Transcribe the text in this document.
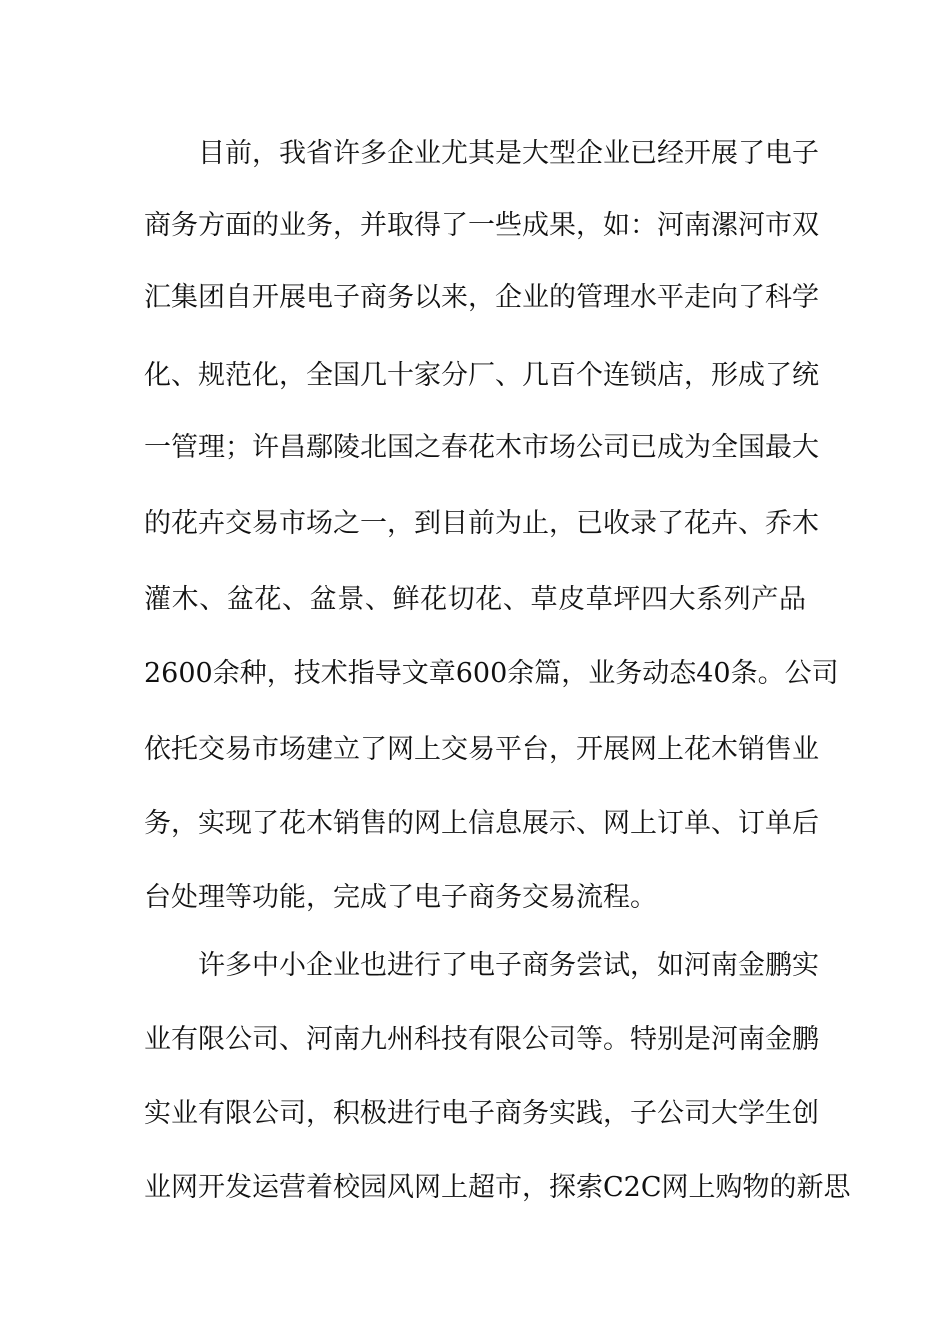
目前，我省许多企业尤其是大型企业已经开展了电子
商务方面的业务，并取得了一些成果，如：河南漯河市双
汇集团自开展电子商务以来，企业的管理水平走向了科学
化、规范化，全国几十家分厂、几百个连锁店，形成了统
一管理；许昌鄢陵北国之春花木市场公司已成为全国最大
的花卉交易市场之一，到目前为止，已收录了花卉、乔木
灌木、盆花、盆景、鲜花切花、草皮草坪四大系列产品
2600余种，技术指导文章600余篇，业务动态40条。公司
依托交易市场建立了网上交易平台，开展网上花木销售业
务，实现了花木销售的网上信息展示、网上订单、订单后
台处理等功能，完成了电子商务交易流程。
许多中小企业也进行了电子商务尝试，如河南金鹏实
业有限公司、河南九州科技有限公司等。特别是河南金鹏
实业有限公司，积极进行电子商务实践，子公司大学生创
业网开发运营着校园风网上超市，探索C2C网上购物的新思
